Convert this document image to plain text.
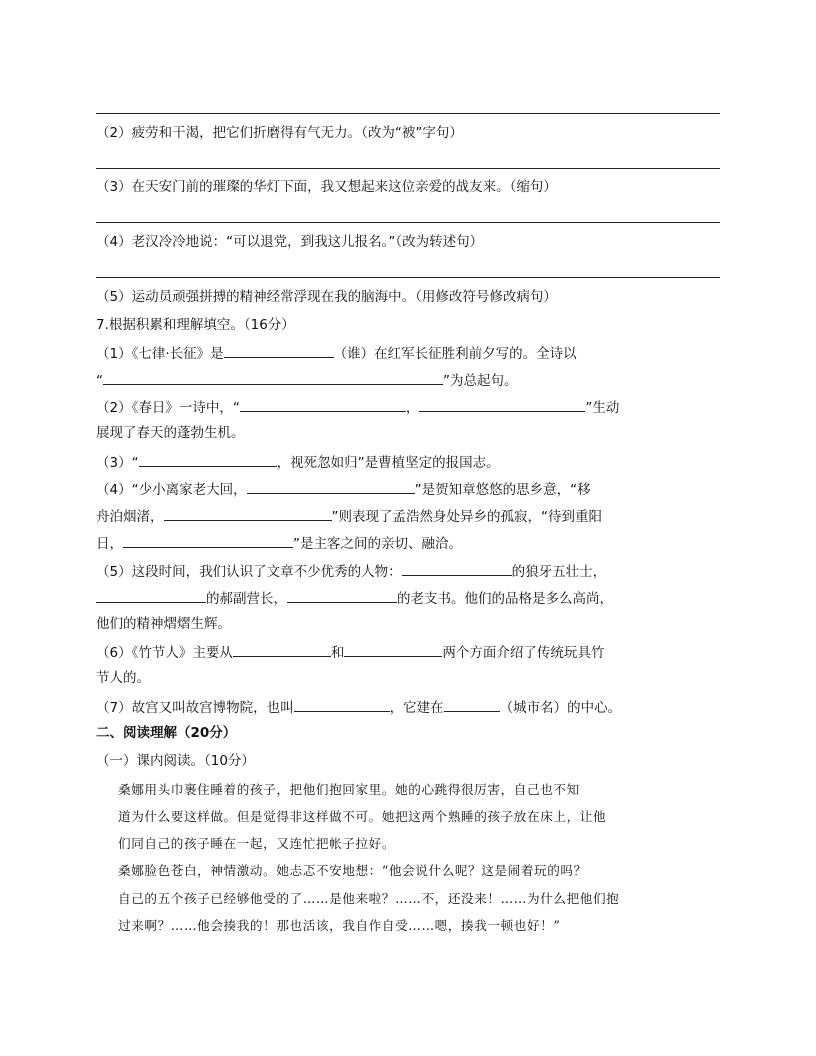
（2）疲劳和干渴，把它们折磨得有气无力。（改为“被”字句）
（3）在天安门前的璀璨的华灯下面，我又想起来这位亲爱的战友来。（缩句）
（4）老汉冷冷地说：“可以退党，到我这儿报名。”（改为转述句）
（5）运动员顽强拼搏的精神经常浮现在我的脑海中。（用修改符号修改病句）
7.根据积累和理解填空。（16分）
（1）《七律·长征》是	（谁）在红军长征胜利前夕写的。全诗以
“	”为总起句。
（2）《春日》一诗中，“	，	”生动
展现了春天的蓬勃生机。
（3）“	，视死忽如归”是曹植坚定的报国志。
（4）“少小离家老大回，	”是贺知章悠悠的思乡意，“移
舟泊烟渚，	”则表现了孟浩然身处异乡的孤寂，“待到重阳
日，	”是主客之间的亲切、融洽。
（5）这段时间，我们认识了文章不少优秀的人物：	的狼牙五壮士，
的郝副营长，	的老支书。他们的品格是多么高尚，
他们的精神熠熠生辉。
（6）《竹节人》主要从	和	两个方面介绍了传统玩具竹
节人的。
（7）故宫又叫故宫博物院，也叫	，它建在	（城市名）的中心。
二、阅读理解（20分）
（一）课内阅读。（10分）
桑娜用头巾裹住睡着的孩子，把他们抱回家里。她的心跳得很厉害，自己也不知
道为什么要这样做。但是觉得非这样做不可。她把这两个熟睡的孩子放在床上，让他
们同自己的孩子睡在一起，又连忙把帐子拉好。
桑娜脸色苍白，神情激动。她忐忑不安地想：“他会说什么呢？这是闹着玩的吗？
自己的五个孩子已经够他受的了……是他来啦？……不，还没来！……为什么把他们抱
过来啊？……他会揍我的！那也活该，我自作自受……嗯，揍我一顿也好！”
